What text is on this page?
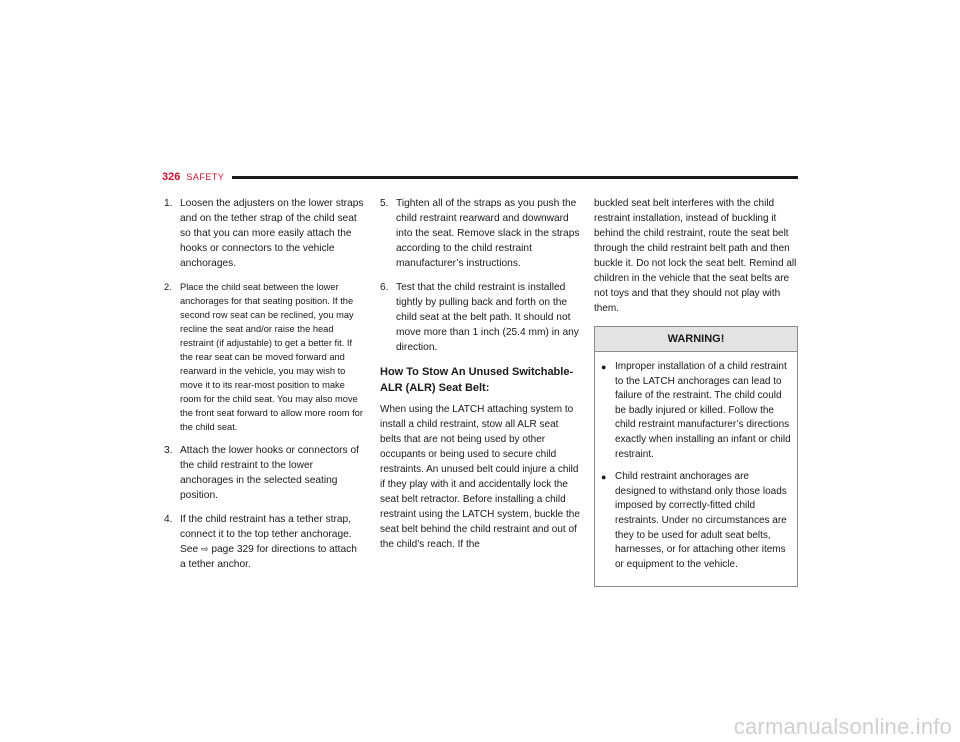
326 SAFETY
1. Loosen the adjusters on the lower straps and on the tether strap of the child seat so that you can more easily attach the hooks or connectors to the vehicle anchorages.
2. Place the child seat between the lower anchorages for that seating position. If the second row seat can be reclined, you may recline the seat and/or raise the head restraint (if adjustable) to get a better fit. If the rear seat can be moved forward and rearward in the vehicle, you may wish to move it to its rear-most position to make room for the child seat. You may also move the front seat forward to allow more room for the child seat.
3. Attach the lower hooks or connectors of the child restraint to the lower anchorages in the selected seating position.
4. If the child restraint has a tether strap, connect it to the top tether anchorage. See ⇨ page 329 for directions to attach a tether anchor.
5. Tighten all of the straps as you push the child restraint rearward and downward into the seat. Remove slack in the straps according to the child restraint manufacturer’s instructions.
6. Test that the child restraint is installed tightly by pulling back and forth on the child seat at the belt path. It should not move more than 1 inch (25.4 mm) in any direction.
How To Stow An Unused Switchable-ALR (ALR) Seat Belt:

When using the LATCH attaching system to install a child restraint, stow all ALR seat belts that are not being used by other occupants or being used to secure child restraints. An unused belt could injure a child if they play with it and accidentally lock the seat belt retractor. Before installing a child restraint using the LATCH system, buckle the seat belt behind the child restraint and out of the child’s reach. If the

buckled seat belt interferes with the child restraint installation, instead of buckling it behind the child restraint, route the seat belt through the child restraint belt path and then buckle it. Do not lock the seat belt. Remind all children in the vehicle that the seat belts are not toys and that they should not play with them.

WARNING!
●
Improper installation of a child restraint to the LATCH anchorages can lead to failure of the restraint. The child could be badly injured or killed. Follow the child restraint manufacturer’s directions exactly when installing an infant or child restraint.
●
Child restraint anchorages are designed to withstand only those loads imposed by correctly-fitted child restraints. Under no circumstances are they to be used for adult seat belts, harnesses, or for attaching other items or equipment to the vehicle.
carmanualsonline.info
